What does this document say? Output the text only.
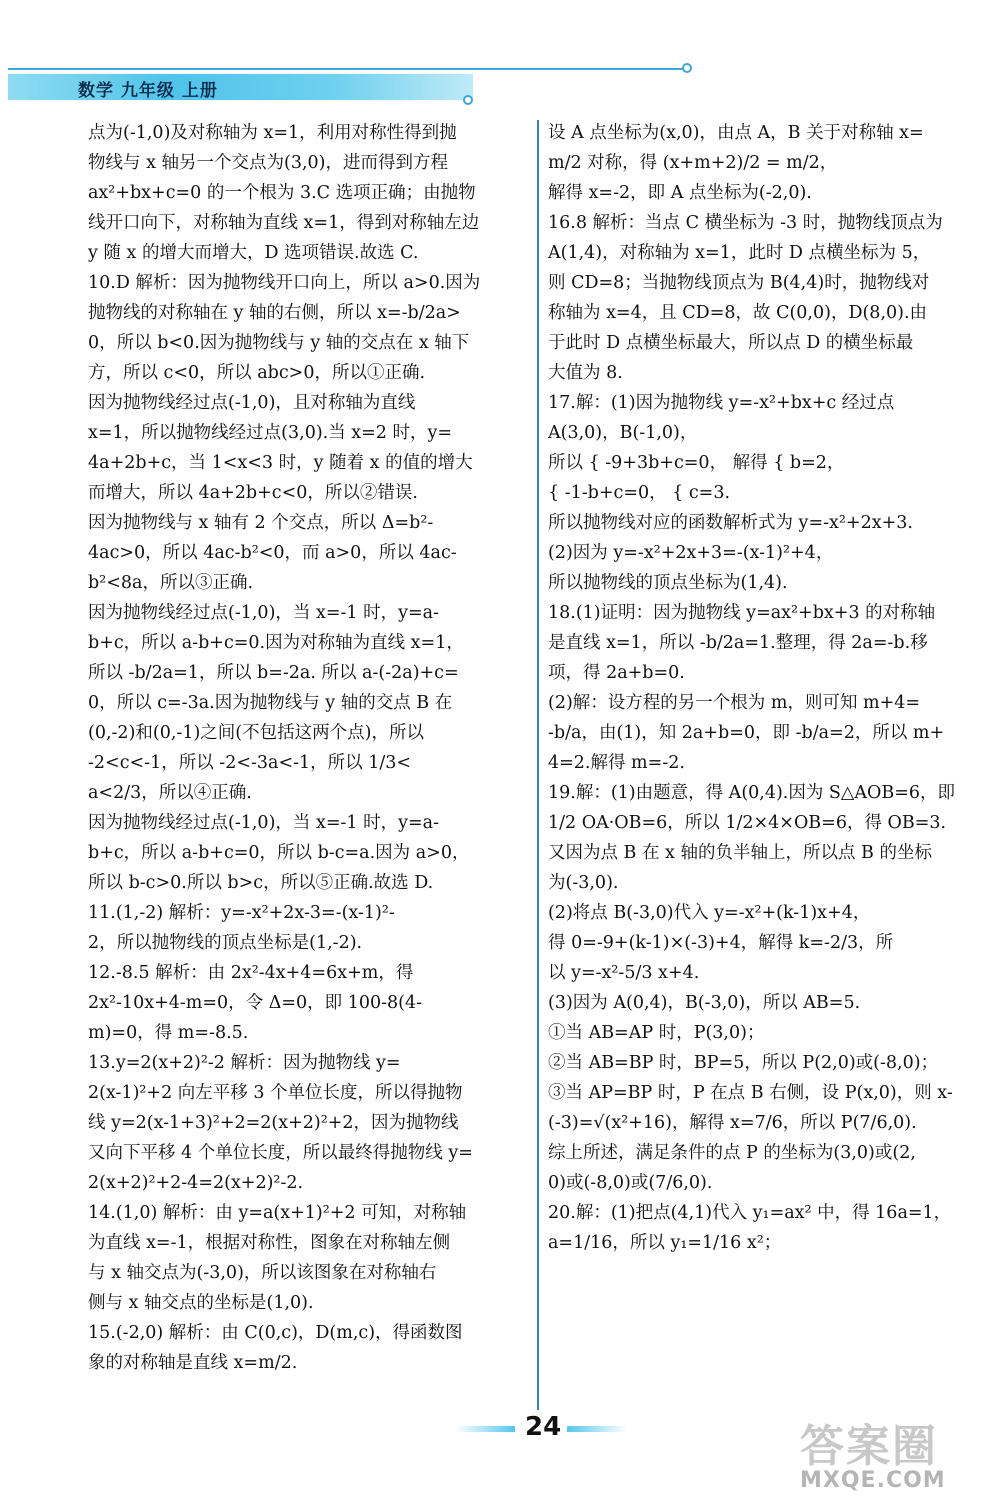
数学 九年级 上册
点为(-1,0)及对称轴为 x=1，利用对称性得到抛
物线与 x 轴另一个交点为(3,0)，进而得到方程
ax²+bx+c=0 的一个根为 3.C 选项正确；由抛物
线开口向下，对称轴为直线 x=1，得到对称轴左边
y 随 x 的增大而增大，D 选项错误.故选 C.
10.D 解析：因为抛物线开口向上，所以 a>0.因为
抛物线的对称轴在 y 轴的右侧，所以 x=-b/2a>
0，所以 b<0.因为抛物线与 y 轴的交点在 x 轴下
方，所以 c<0，所以 abc>0，所以①正确.
因为抛物线经过点(-1,0)，且对称轴为直线
x=1，所以抛物线经过点(3,0).当 x=2 时，y=
4a+2b+c，当 1<x<3 时，y 随着 x 的值的增大
而增大，所以 4a+2b+c<0，所以②错误.
因为抛物线与 x 轴有 2 个交点，所以 Δ=b²-
4ac>0，所以 4ac-b²<0，而 a>0，所以 4ac-
b²<8a，所以③正确.
因为抛物线经过点(-1,0)，当 x=-1 时，y=a-
b+c，所以 a-b+c=0.因为对称轴为直线 x=1，
所以 -b/2a=1，所以 b=-2a. 所以 a-(-2a)+c=
0，所以 c=-3a.因为抛物线与 y 轴的交点 B 在
(0,-2)和(0,-1)之间(不包括这两个点)，所以
-2<c<-1，所以 -2<-3a<-1，所以 1/3<
a<2/3，所以④正确.
因为抛物线经过点(-1,0)，当 x=-1 时，y=a-
b+c，所以 a-b+c=0，所以 b-c=a.因为 a>0，
所以 b-c>0.所以 b>c，所以⑤正确.故选 D.
11.(1,-2) 解析：y=-x²+2x-3=-(x-1)²-
2，所以抛物线的顶点坐标是(1,-2).
12.-8.5 解析：由 2x²-4x+4=6x+m，得
2x²-10x+4-m=0，令 Δ=0，即 100-8(4-
m)=0，得 m=-8.5.
13.y=2(x+2)²-2 解析：因为抛物线 y=
2(x-1)²+2 向左平移 3 个单位长度，所以得抛物
线 y=2(x-1+3)²+2=2(x+2)²+2，因为抛物线
又向下平移 4 个单位长度，所以最终得抛物线 y=
2(x+2)²+2-4=2(x+2)²-2.
14.(1,0) 解析：由 y=a(x+1)²+2 可知，对称轴
为直线 x=-1，根据对称性，图象在对称轴左侧
与 x 轴交点为(-3,0)，所以该图象在对称轴右
侧与 x 轴交点的坐标是(1,0).
15.(-2,0) 解析：由 C(0,c)，D(m,c)，得函数图
象的对称轴是直线 x=m/2.
设 A 点坐标为(x,0)，由点 A，B 关于对称轴 x=
m/2 对称，得 (x+m+2)/2 = m/2，
解得 x=-2，即 A 点坐标为(-2,0).
16.8 解析：当点 C 横坐标为 -3 时，抛物线顶点为
A(1,4)，对称轴为 x=1，此时 D 点横坐标为 5，
则 CD=8；当抛物线顶点为 B(4,4)时，抛物线对
称轴为 x=4，且 CD=8，故 C(0,0)，D(8,0).由
于此时 D 点横坐标最大，所以点 D 的横坐标最
大值为 8.
17.解：(1)因为抛物线 y=-x²+bx+c 经过点
A(3,0)，B(-1,0)，
所以 { -9+3b+c=0， 解得 { b=2，
{ -1-b+c=0， { c=3.
所以抛物线对应的函数解析式为 y=-x²+2x+3.
(2)因为 y=-x²+2x+3=-(x-1)²+4，
所以抛物线的顶点坐标为(1,4).
18.(1)证明：因为抛物线 y=ax²+bx+3 的对称轴
是直线 x=1，所以 -b/2a=1.整理，得 2a=-b.移
项，得 2a+b=0.
(2)解：设方程的另一个根为 m，则可知 m+4=
-b/a，由(1)，知 2a+b=0，即 -b/a=2，所以 m+
4=2.解得 m=-2.
19.解：(1)由题意，得 A(0,4).因为 S△AOB=6，即
1/2 OA·OB=6，所以 1/2×4×OB=6，得 OB=3.
又因为点 B 在 x 轴的负半轴上，所以点 B 的坐标
为(-3,0).
(2)将点 B(-3,0)代入 y=-x²+(k-1)x+4，
得 0=-9+(k-1)×(-3)+4，解得 k=-2/3，所
以 y=-x²-5/3 x+4.
(3)因为 A(0,4)，B(-3,0)，所以 AB=5.
①当 AB=AP 时，P(3,0)；
②当 AB=BP 时，BP=5，所以 P(2,0)或(-8,0)；
③当 AP=BP 时，P 在点 B 右侧，设 P(x,0)，则 x-
(-3)=√(x²+16)，解得 x=7/6，所以 P(7/6,0).
综上所述，满足条件的点 P 的坐标为(3,0)或(2,
0)或(-8,0)或(7/6,0).
20.解：(1)把点(4,1)代入 y₁=ax² 中，得 16a=1，
a=1/16，所以 y₁=1/16 x²；
24	答案圈
MXQE.COM
